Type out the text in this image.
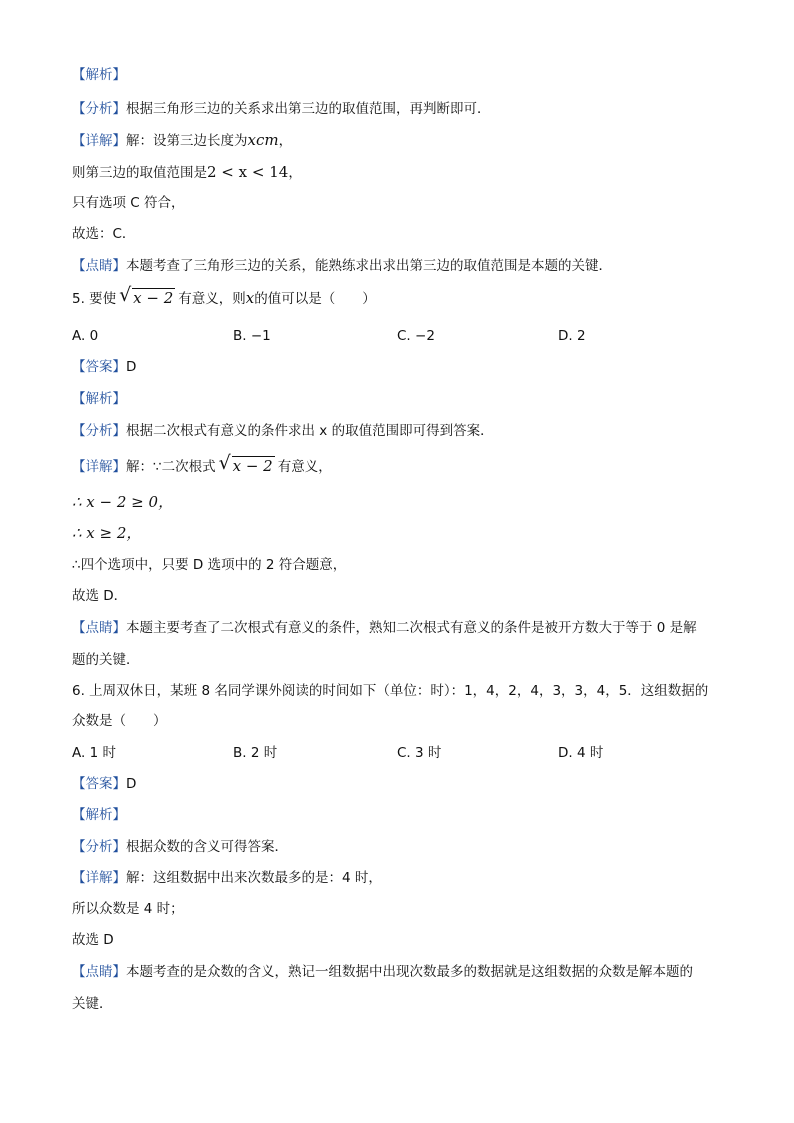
【解析】
【分析】根据三角形三边的关系求出第三边的取值范围，再判断即可．
【详解】解：设第三边长度为xcm，
则第三边的取值范围是2 < x < 14，
只有选项 C 符合，
故选：C．
【点睛】本题考查了三角形三边的关系，能熟练求出求出第三边的取值范围是本题的关键．
5. 要使 √ x − 2 有意义，则x的值可以是（　　）
A. 0	B. −1	C. −2	D. 2
【答案】D
【解析】
【分析】根据二次根式有意义的条件求出 x 的取值范围即可得到答案．
【详解】解：∵二次根式 √ x − 2 有意义，
∴ x − 2 ≥ 0，
∴ x ≥ 2，
∴四个选项中，只要 D 选项中的 2 符合题意，
故选 D．
【点睛】本题主要考查了二次根式有意义的条件，熟知二次根式有意义的条件是被开方数大于等于 0 是解
题的关键．
6. 上周双休日，某班 8 名同学课外阅读的时间如下（单位：时）：1，4，2，4，3，3，4，5．这组数据的
众数是（　　）
A. 1 时	B. 2 时	C. 3 时	D. 4 时
【答案】D
【解析】
【分析】根据众数的含义可得答案．
【详解】解：这组数据中出来次数最多的是：4 时，
所以众数是 4 时；
故选 D
【点睛】本题考查的是众数的含义，熟记一组数据中出现次数最多的数据就是这组数据的众数是解本题的
关键．
